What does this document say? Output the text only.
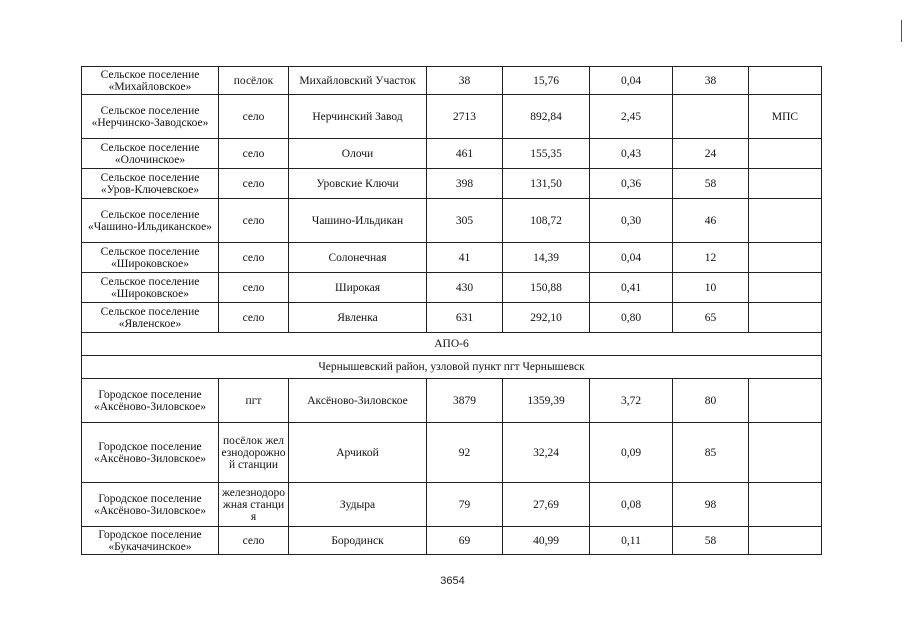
Сельское поселение «Михайловское»	посёлок	Михайловский Участок	38	15,76	0,04	38	
Сельское поселение «Нерчинско-Заводское»	село	Нерчинский Завод	2713	892,84	2,45		МПС
Сельское поселение «Олочинское»	село	Олочи	461	155,35	0,43	24	
Сельское поселение «Уров-Ключевское»	село	Уровские Ключи	398	131,50	0,36	58	
Сельское поселение «Чашино-Ильдиканское»	село	Чашино-Ильдикан	305	108,72	0,30	46	
Сельское поселение «Широковское»	село	Солонечная	41	14,39	0,04	12	
Сельское поселение «Широковское»	село	Широкая	430	150,88	0,41	10	
Сельское поселение «Явленское»	село	Явленка	631	292,10	0,80	65	
АПО-6							
Чернышевский район, узловой пункт пгт Чернышевск							
Городское поселение «Аксёново-Зиловское»	пгт	Аксёново-Зиловское	3879	1359,39	3,72	80	
Городское поселение «Аксёново-Зиловское»	посёлок железнодорожной станции	Арчикой	92	32,24	0,09	85	
Городское поселение «Аксёново-Зиловское»	железнодорожная станция	Зудыра	79	27,69	0,08	98	
Городское поселение «Букачачинское»	село	Бородинск	69	40,99	0,11	58	
3654
